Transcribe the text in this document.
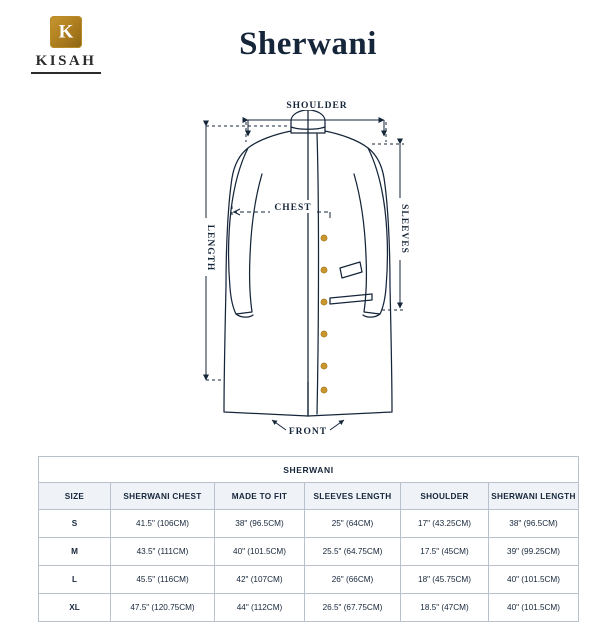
K
KISAH	Sherwani
SHOULDER
CHEST	SLEEVES
LENGTH
FRONT
SHERWANI					
SIZE	SHERWANI CHEST	MADE TO FIT	SLEEVES LENGTH	SHOULDER	SHERWANI LENGTH
S	41.5" (106CM)	38" (96.5CM)	25" (64CM)	17" (43.25CM)	38" (96.5CM)
M	43.5" (111CM)	40" (101.5CM)	25.5" (64.75CM)	17.5" (45CM)	39" (99.25CM)
L	45.5" (116CM)	42" (107CM)	26" (66CM)	18" (45.75CM)	40" (101.5CM)
XL	47.5" (120.75CM)	44" (112CM)	26.5" (67.75CM)	18.5" (47CM)	40" (101.5CM)
